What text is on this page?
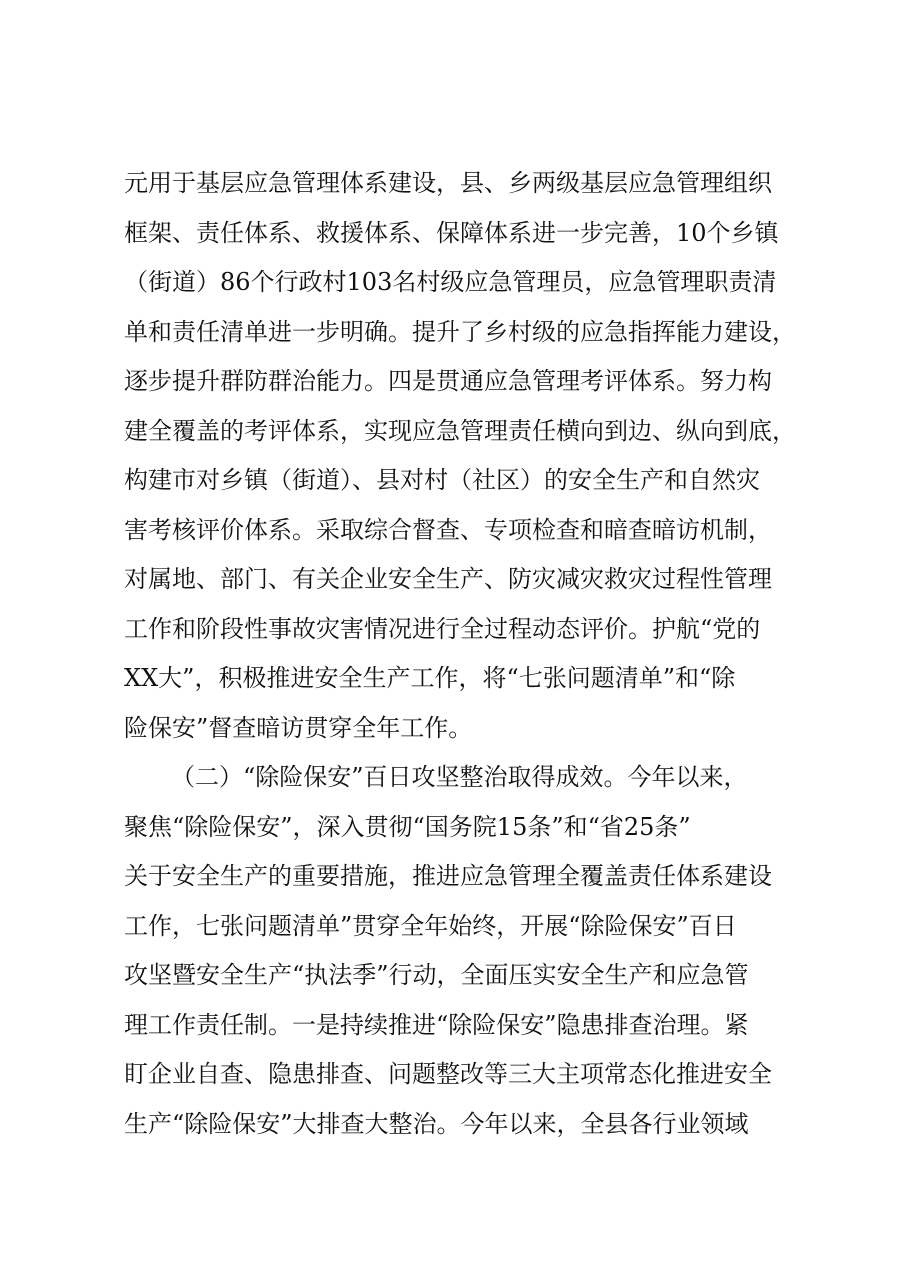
元用于基层应急管理体系建设，县、乡两级基层应急管理组织
框架、责任体系、救援体系、保障体系进一步完善，10个乡镇
（街道）86个行政村103名村级应急管理员，应急管理职责清
单和责任清单进一步明确。提升了乡村级的应急指挥能力建设，
逐步提升群防群治能力。四是贯通应急管理考评体系。努力构
建全覆盖的考评体系，实现应急管理责任横向到边、纵向到底，
构建市对乡镇（街道）、县对村（社区）的安全生产和自然灾
害考核评价体系。采取综合督查、专项检查和暗查暗访机制，
对属地、部门、有关企业安全生产、防灾减灾救灾过程性管理
工作和阶段性事故灾害情况进行全过程动态评价。护航“党的
XX大”，积极推进安全生产工作，将“七张问题清单”和“除
险保安”督查暗访贯穿全年工作。
（二）“除险保安”百日攻坚整治取得成效。今年以来，
聚焦“除险保安”，深入贯彻“国务院15条”和“省25条”
关于安全生产的重要措施，推进应急管理全覆盖责任体系建设
工作，七张问题清单”贯穿全年始终，开展“除险保安”百日
攻坚暨安全生产“执法季”行动，全面压实安全生产和应急管
理工作责任制。一是持续推进“除险保安”隐患排查治理。紧
盯企业自查、隐患排查、问题整改等三大主项常态化推进安全
生产“除险保安”大排查大整治。今年以来，全县各行业领域
